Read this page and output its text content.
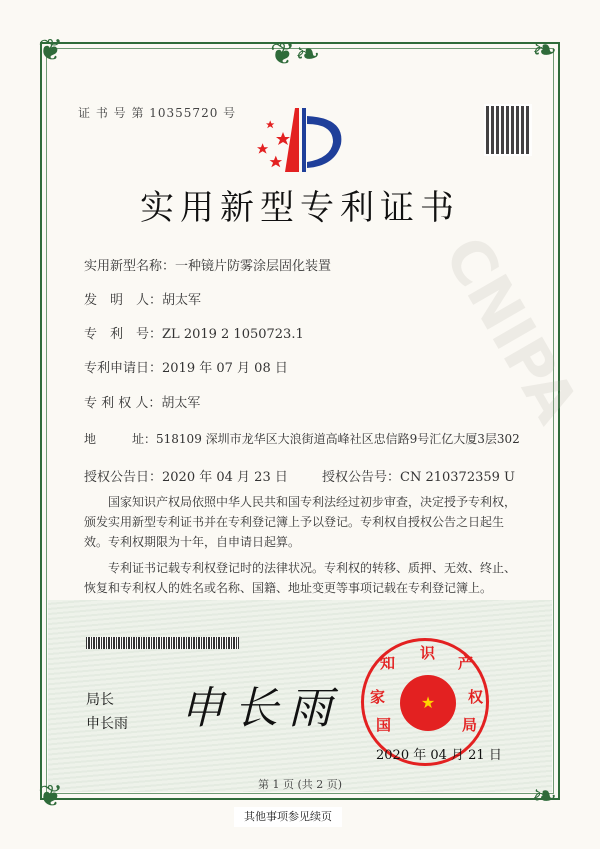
❦❧
❦	❧
❦	❧
CNIPA
证 书 号 第 10355720 号
实用新型专利证书
实用新型名称：一种镜片防雾涂层固化装置
发　明　人：胡太军
专　利　号：ZL 2019 2 1050723.1
专利申请日：2019 年 07 月 08 日
专 利 权 人：胡太军
地　　　址：518109 深圳市龙华区大浪街道高峰社区忠信路9号汇亿大厦3层302
授权公告日：2020 年 04 月 23 日	授权公告号：CN 210372359 U
国家知识产权局依照中华人民共和国专利法经过初步审查，决定授予专利权，颁发实用新型专利证书并在专利登记簿上予以登记。专利权自授权公告之日起生效。专利权期限为十年，自申请日起算。
专利证书记载专利权登记时的法律状况。专利权的转移、质押、无效、终止、恢复和专利权人的姓名或名称、国籍、地址变更等事项记载在专利登记簿上。
局长
申长雨 申长雨	★
国
家
知
识
产
权
局
2020 年 04 月 21 日
第 1 页 (共 2 页)
其他事项参见续页
